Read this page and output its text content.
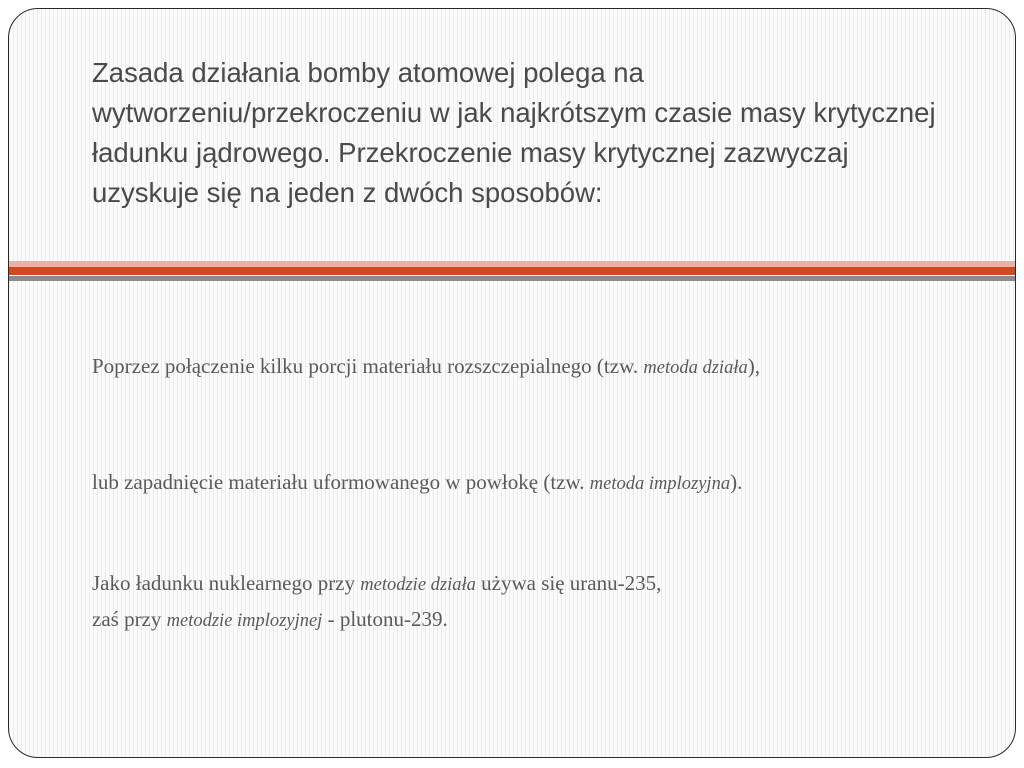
Zasada działania bomby atomowej polega na wytworzeniu/przekroczeniu w jak najkrótszym czasie masy krytycznej ładunku jądrowego. Przekroczenie masy krytycznej zazwyczaj uzyskuje się na jeden z dwóch sposobów:

Poprzez połączenie kilku porcji materiału rozszczepialnego (tzw. metoda działa),

lub zapadnięcie materiału uformowanego w powłokę (tzw. metoda implozyjna).

Jako ładunku nuklearnego przy metodzie działa używa się uranu-235,
zaś przy metodzie implozyjnej - plutonu-239.
